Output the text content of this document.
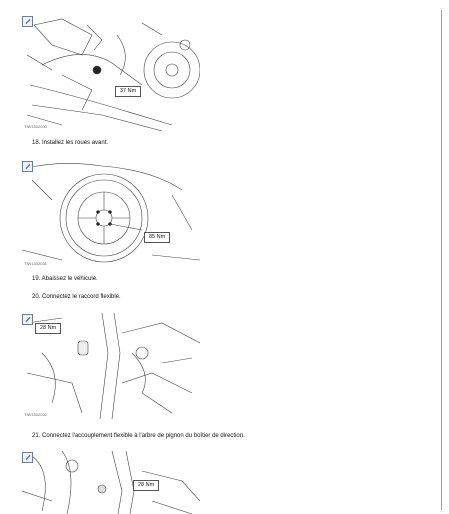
37 Nm
TIW1302030
18. Installez les roues avant.
85 Nm
TIW1302031
19. Abaissez le véhicule.
20. Connectez le raccord flexible.
28 Nm
TIW1302032
21. Connectez l'accouplement flexible à l'arbre de pignon du boîtier de direction.
28 Nm
